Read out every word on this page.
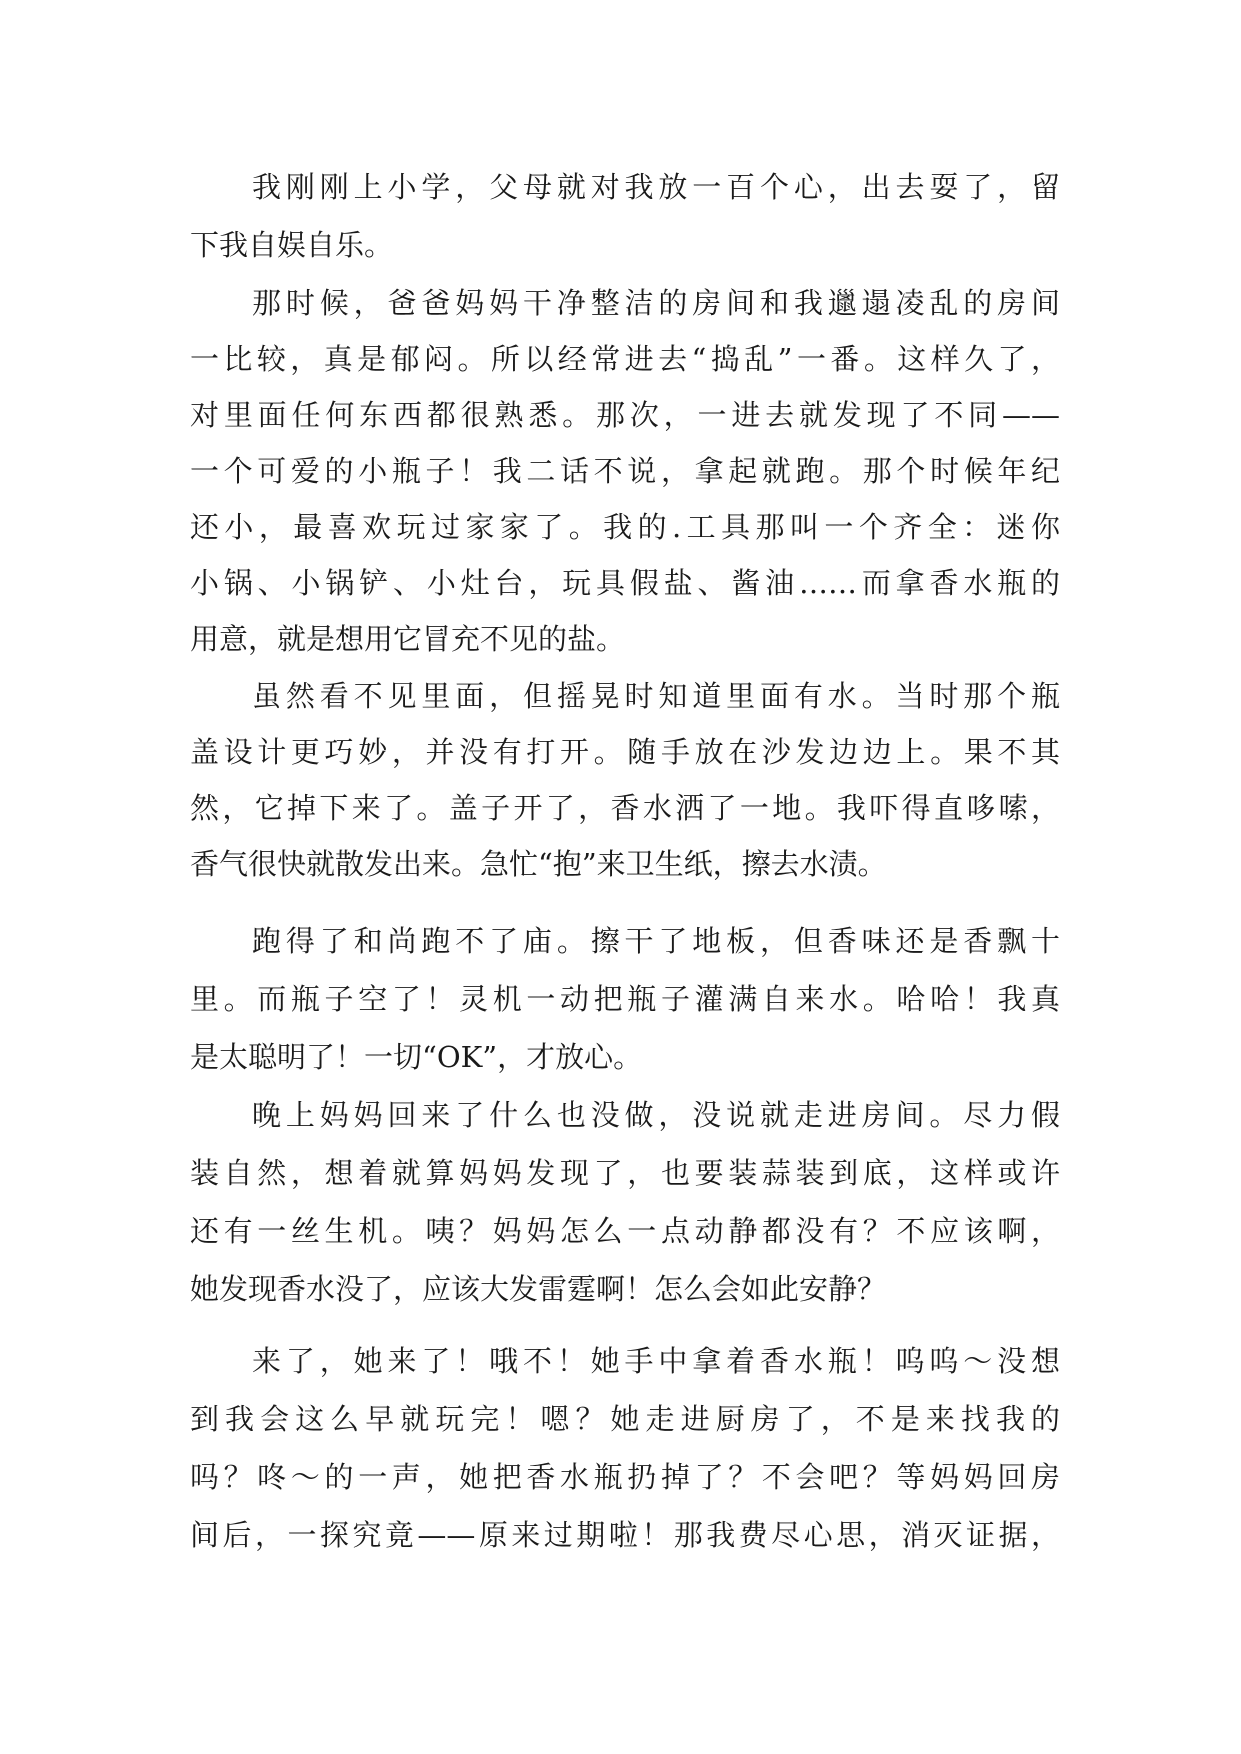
我刚刚上小学，父母就对我放一百个心，出去耍了，留
下我自娱自乐。
那时候，爸爸妈妈干净整洁的房间和我邋遢凌乱的房间
一比较，真是郁闷。所以经常进去“捣乱”一番。这样久了，
对里面任何东西都很熟悉。那次，一进去就发现了不同——
一个可爱的小瓶子！我二话不说，拿起就跑。那个时候年纪
还小，最喜欢玩过家家了。我的.工具那叫一个齐全：迷你
小锅、小锅铲、小灶台，玩具假盐、酱油……而拿香水瓶的
用意，就是想用它冒充不见的盐。
虽然看不见里面，但摇晃时知道里面有水。当时那个瓶
盖设计更巧妙，并没有打开。随手放在沙发边边上。果不其
然，它掉下来了。盖子开了，香水洒了一地。我吓得直哆嗦，
香气很快就散发出来。急忙“抱”来卫生纸，擦去水渍。
跑得了和尚跑不了庙。擦干了地板，但香味还是香飘十
里。而瓶子空了！灵机一动把瓶子灌满自来水。哈哈！我真
是太聪明了！一切“OK”，才放心。
晚上妈妈回来了什么也没做，没说就走进房间。尽力假
装自然，想着就算妈妈发现了，也要装蒜装到底，这样或许
还有一丝生机。咦？妈妈怎么一点动静都没有？不应该啊，
她发现香水没了，应该大发雷霆啊！怎么会如此安静？
来了，她来了！哦不！她手中拿着香水瓶！呜呜～没想
到我会这么早就玩完！嗯？她走进厨房了，不是来找我的
吗？咚～的一声，她把香水瓶扔掉了？不会吧？等妈妈回房
间后，一探究竟——原来过期啦！那我费尽心思，消灭证据，
